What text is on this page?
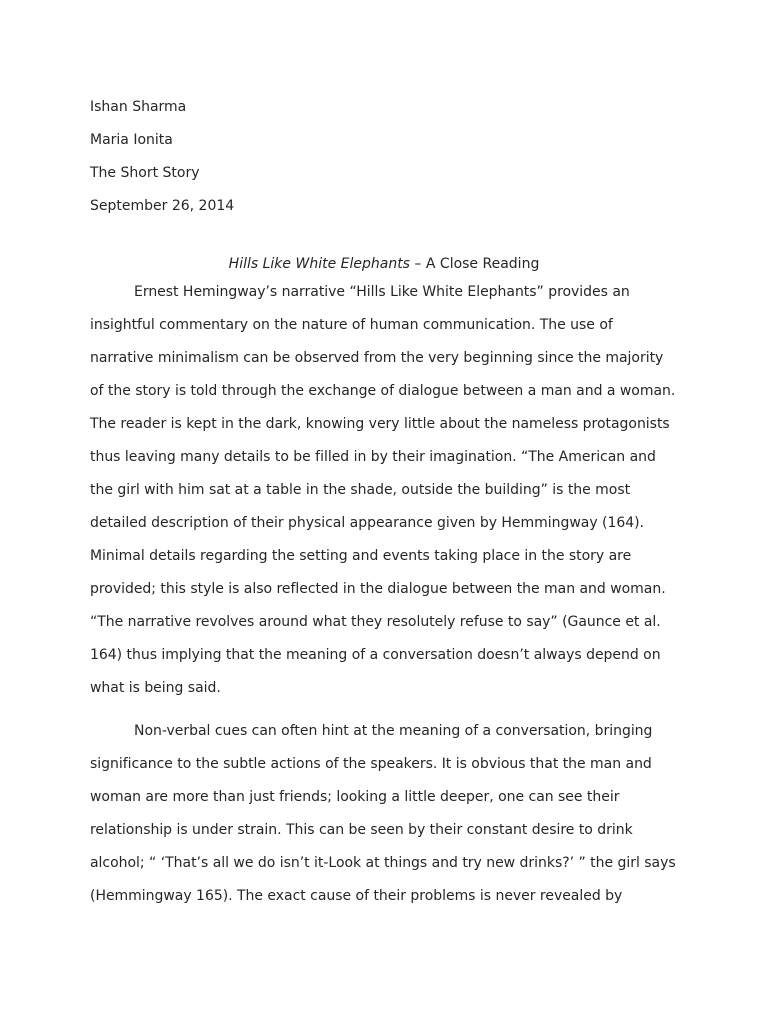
Ishan Sharma
Maria Ionita
The Short Story
September 26, 2014
Hills Like White Elephants – A Close Reading

Ernest Hemingway’s narrative “Hills Like White Elephants” provides an insightful commentary on the nature of human communication. The use of narrative minimalism can be observed from the very beginning since the majority of the story is told through the exchange of dialogue between a man and a woman. The reader is kept in the dark, knowing very little about the nameless protagonists thus leaving many details to be filled in by their imagination. “The American and the girl with him sat at a table in the shade, outside the building” is the most detailed description of their physical appearance given by Hemmingway (164). Minimal details regarding the setting and events taking place in the story are provided; this style is also reflected in the dialogue between the man and woman. “The narrative revolves around what they resolutely refuse to say” (Gaunce et al. 164) thus implying that the meaning of a conversation doesn’t always depend on what is being said.

Non-verbal cues can often hint at the meaning of a conversation, bringing significance to the subtle actions of the speakers. It is obvious that the man and woman are more than just friends; looking a little deeper, one can see their relationship is under strain. This can be seen by their constant desire to drink alcohol; “ ‘That’s all we do isn’t it-Look at things and try new drinks?’ ” the girl says (Hemmingway 165). The exact cause of their problems is never revealed by
